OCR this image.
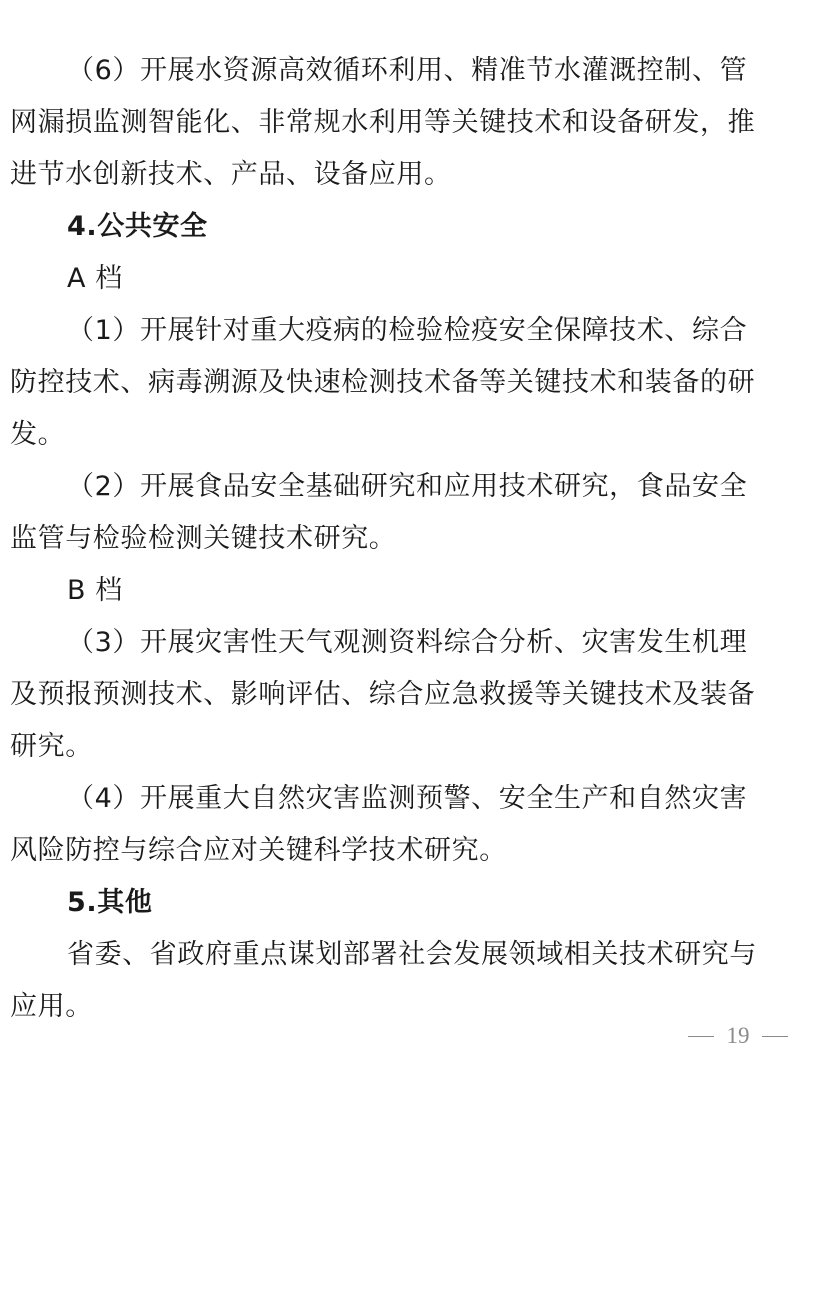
（6）开展水资源高效循环利用、精准节水灌溉控制、管
网漏损监测智能化、非常规水利用等关键技术和设备研发，推
进节水创新技术、产品、设备应用。
4.公共安全
A 档
（1）开展针对重大疫病的检验检疫安全保障技术、综合
防控技术、病毒溯源及快速检测技术备等关键技术和装备的研
发。
（2）开展食品安全基础研究和应用技术研究，食品安全
监管与检验检测关键技术研究。
B 档
（3）开展灾害性天气观测资料综合分析、灾害发生机理
及预报预测技术、影响评估、综合应急救援等关键技术及装备
研究。
（4）开展重大自然灾害监测预警、安全生产和自然灾害
风险防控与综合应对关键科学技术研究。
5.其他
省委、省政府重点谋划部署社会发展领域相关技术研究与
应用。
19
